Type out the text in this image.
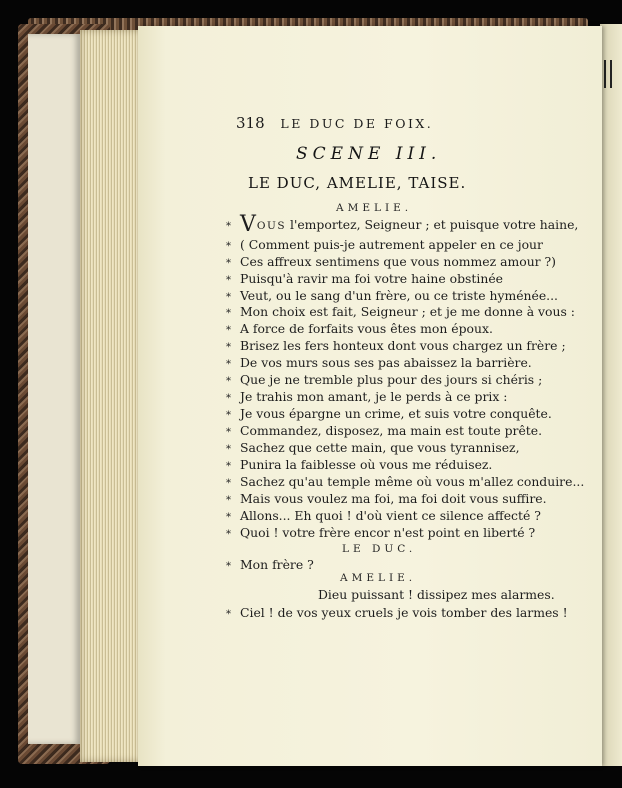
318 LE DUC DE FOIX.
SCENE III.
LE DUC, AMELIE, TAISE.
AMELIE.
* VOUS l'emportez, Seigneur ; et puisque votre haine,
* ( Comment puis-je autrement appeler en ce jour
* Ces affreux sentimens que vous nommez amour ?)
* Puisqu'à ravir ma foi votre haine obstinée
* Veut, ou le sang d'un frère, ou ce triste hyménée...
* Mon choix est fait, Seigneur ; et je me donne à vous :
* A force de forfaits vous êtes mon époux.
* Brisez les fers honteux dont vous chargez un frère ;
* De vos murs sous ses pas abaissez la barrière.
* Que je ne tremble plus pour des jours si chéris ;
* Je trahis mon amant, je le perds à ce prix :
* Je vous épargne un crime, et suis votre conquête.
* Commandez, disposez, ma main est toute prête.
* Sachez que cette main, que vous tyrannisez,
* Punira la faiblesse où vous me réduisez.
* Sachez qu'au temple même où vous m'allez conduire...
* Mais vous voulez ma foi, ma foi doit vous suffire.
* Allons... Eh quoi ! d'où vient ce silence affecté ?
* Quoi ! votre frère encor n'est point en liberté ?
LE DUC.
* Mon frère ?
AMELIE.
Dieu puissant ! dissipez mes alarmes.
* Ciel ! de vos yeux cruels je vois tomber des larmes !
